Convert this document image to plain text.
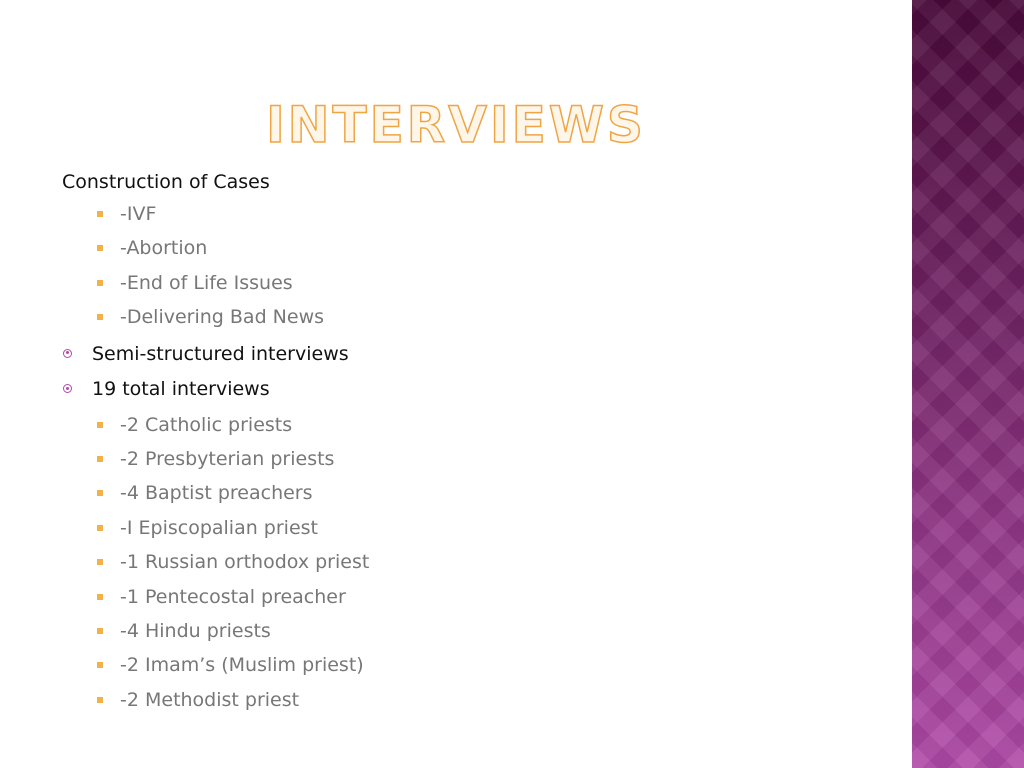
INTERVIEWS
Construction of Cases
-IVF
-Abortion
-End of Life Issues
-Delivering Bad News
Semi-structured interviews
19 total interviews
-2 Catholic priests
-2 Presbyterian priests
-4 Baptist preachers
-I Episcopalian priest
-1 Russian orthodox priest
-1 Pentecostal preacher
-4 Hindu priests
-2 Imam’s (Muslim priest)
-2 Methodist priest
